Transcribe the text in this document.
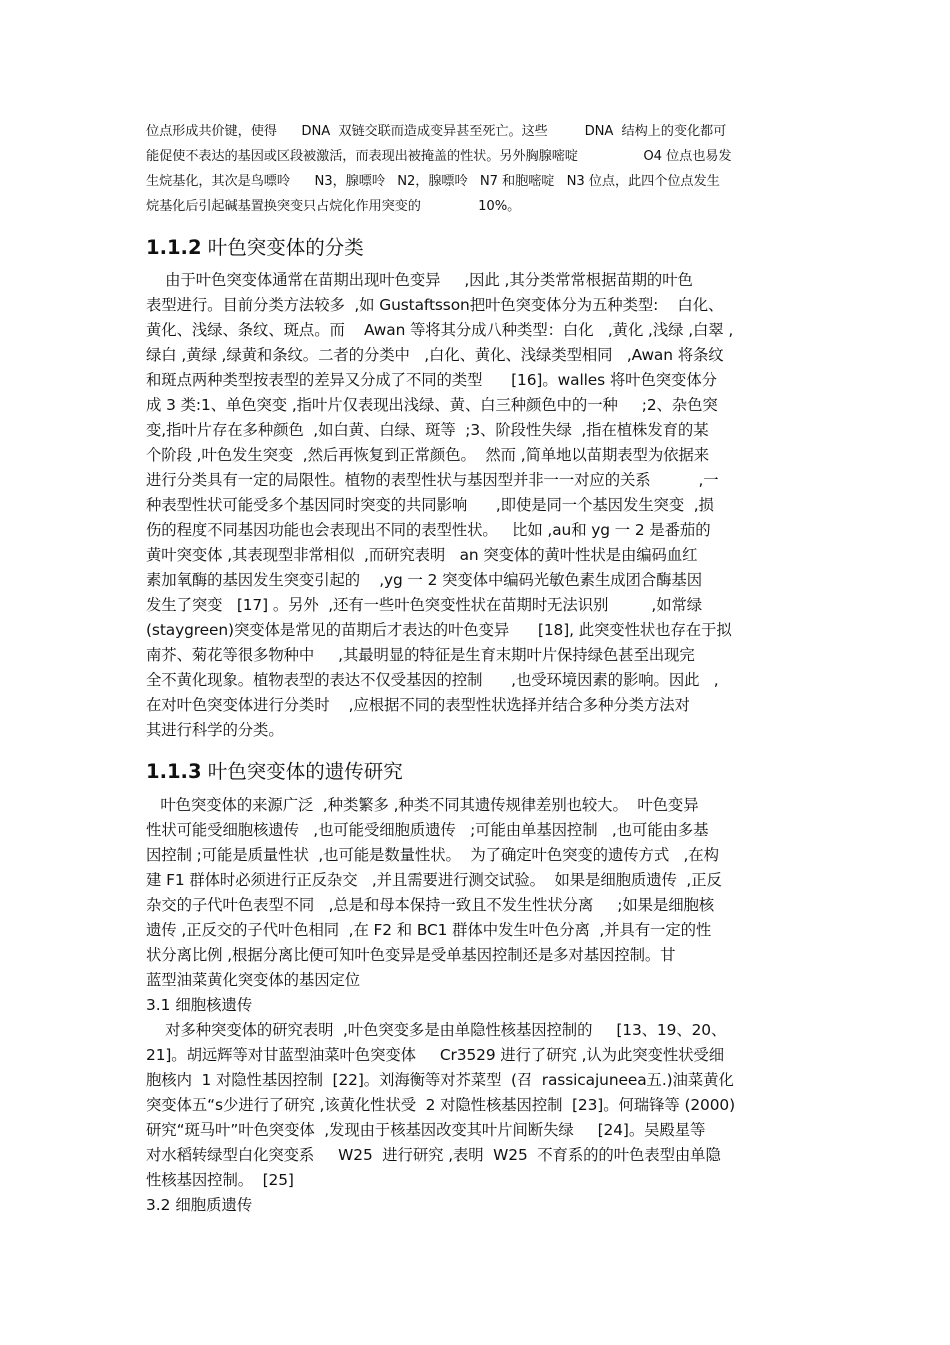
位点形成共价键，使得      DNA  双链交联而造成变异甚至死亡。这些         DNA  结构上的变化都可
能促使不表达的基因或区段被激活，而表现出被掩盖的性状。另外胸腺嘧啶                O4 位点也易发
生烷基化，其次是鸟嘌呤      N3，腺嘌呤   N2，腺嘌呤   N7 和胞嘧啶   N3 位点，此四个位点发生
烷基化后引起碱基置换突变只占烷化作用突变的              10%。
1.1.2 叶色突变体的分类
由于叶色突变体通常在苗期出现叶色变异     ,因此 ,其分类常常根据苗期的叶色
表型进行。目前分类方法较多  ,如 Gustaftsson把叶色突变体分为五种类型:    白化、
黄化、浅绿、条纹、斑点。而    Awan 等将其分成八种类型：白化   ,黄化 ,浅绿 ,白翠 ,
绿白 ,黄绿 ,绿黄和条纹。二者的分类中   ,白化、黄化、浅绿类型相同   ,Awan 将条纹
和斑点两种类型按表型的差异又分成了不同的类型      [16]。walles 将叶色突变体分
成 3 类:1、单色突变 ,指叶片仅表现出浅绿、黄、白三种颜色中的一种     ;2、杂色突
变,指叶片存在多种颜色  ,如白黄、白绿、斑等  ;3、阶段性失绿  ,指在植株发育的某
个阶段 ,叶色发生突变  ,然后再恢复到正常颜色。  然而 ,简单地以苗期表型为依据来
进行分类具有一定的局限性。植物的表型性状与基因型并非一一对应的关系          ,一
种表型性状可能受多个基因同时突变的共同影响      ,即使是同一个基因发生突变  ,损
伤的程度不同基因功能也会表现出不同的表型性状。   比如 ,au和 yg 一 2 是番茄的
黄叶突变体 ,其表现型非常相似  ,而研究表明   an 突变体的黄叶性状是由编码血红
素加氧酶的基因发生突变引起的    ,yg 一 2 突变体中编码光敏色素生成团合酶基因
发生了突变   [17] 。另外  ,还有一些叶色突变性状在苗期时无法识别         ,如常绿
(staygreen)突变体是常见的苗期后才表达的叶色变异      [18], 此突变性状也存在于拟
南芥、菊花等很多物种中     ,其最明显的特征是生育末期叶片保持绿色甚至出现完
全不黄化现象。植物表型的表达不仅受基因的控制      ,也受环境因素的影响。因此   ,
在对叶色突变体进行分类时    ,应根据不同的表型性状选择并结合多种分类方法对
其进行科学的分类。
1.1.3 叶色突变体的遗传研究
叶色突变体的来源广泛  ,种类繁多 ,种类不同其遗传规律差别也较大。  叶色变异
性状可能受细胞核遗传   ,也可能受细胞质遗传   ;可能由单基因控制   ,也可能由多基
因控制 ;可能是质量性状  ,也可能是数量性状。  为了确定叶色突变的遗传方式   ,在构
建 F1 群体时必须进行正反杂交   ,并且需要进行测交试验。  如果是细胞质遗传  ,正反
杂交的子代叶色表型不同   ,总是和母本保持一致且不发生性状分离     ;如果是细胞核
遗传 ,正反交的子代叶色相同  ,在 F2 和 BC1 群体中发生叶色分离  ,并具有一定的性
状分离比例 ,根据分离比便可知叶色变异是受单基因控制还是多对基因控制。甘
蓝型油菜黄化突变体的基因定位
3.1 细胞核遗传
对多种突变体的研究表明  ,叶色突变多是由单隐性核基因控制的     [13、19、20、
21]。胡远辉等对甘蓝型油菜叶色突变体     Cr3529 进行了研究 ,认为此突变性状受细
胞核内  1 对隐性基因控制  [22]。刘海衡等对芥菜型  (召  rassicajuneea五.)油菜黄化
突变体五“s少进行了研究 ,该黄化性状受  2 对隐性核基因控制  [23]。何瑞锋等 (2000)
研究“斑马叶”叶色突变体  ,发现由于核基因改变其叶片间断失绿     [24]。吴殿星等
对水稻转绿型白化突变系     W25  进行研究 ,表明  W25  不育系的的叶色表型由单隐
性核基因控制。  [25]
3.2 细胞质遗传
